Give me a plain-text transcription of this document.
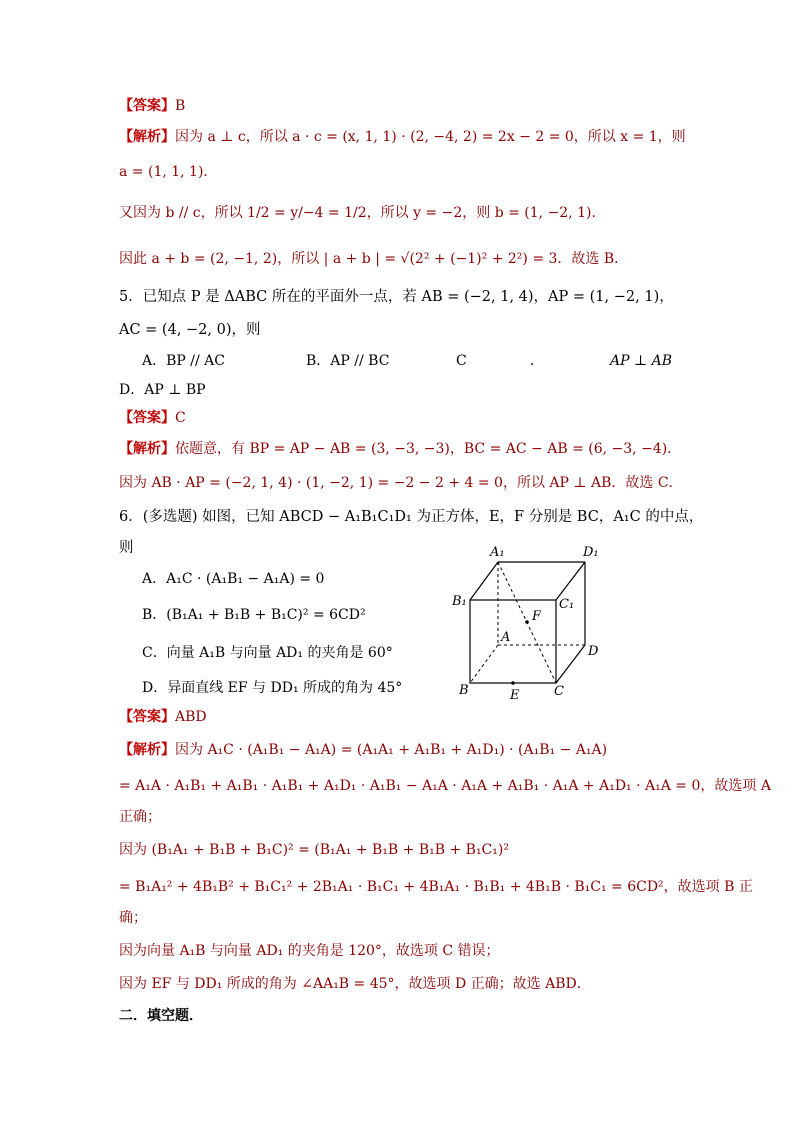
【答案】B
【解析】因为 a ⊥ c，所以 a · c = (x, 1, 1) · (2, −4, 2) = 2x − 2 = 0，所以 x = 1，则
a = (1, 1, 1)．
又因为 b // c，所以 1/2 = y/−4 = 1/2，所以 y = −2，则 b = (1, −2, 1)．
因此 a + b = (2, −1, 2)，所以 | a + b | = √(2² + (−1)² + 2²) = 3．故选 B．
5．已知点 P 是 ΔABC 所在的平面外一点，若 AB = (−2, 1, 4)，AP = (1, −2, 1)，
AC = (4, −2, 0)，则
A．BP // AC	B．AP // BC	C	．	AP ⊥ AB
D．AP ⊥ BP
【答案】C
【解析】依题意，有 BP = AP − AB = (3, −3, −3)，BC = AC − AB = (6, −3, −4)．
因为 AB · AP = (−2, 1, 4) · (1, −2, 1) = −2 − 2 + 4 = 0，所以 AP ⊥ AB．故选 C．
6．(多选题) 如图，已知 ABCD − A₁B₁C₁D₁ 为正方体，E，F 分别是 BC，A₁C 的中点，
则
A．A₁C · (A₁B₁ − A₁A) = 0
B．(B₁A₁ + B₁B + B₁C)² = 6CD²
C．向量 A₁B 与向量 AD₁ 的夹角是 60°
D．异面直线 EF 与 DD₁ 所成的角为 45°
A₁	D₁
B₁	C₁
F
A
D
B	E	C
【答案】ABD
【解析】因为 A₁C · (A₁B₁ − A₁A) = (A₁A₁ + A₁B₁ + A₁D₁) · (A₁B₁ − A₁A)
= A₁A · A₁B₁ + A₁B₁ · A₁B₁ + A₁D₁ · A₁B₁ − A₁A · A₁A + A₁B₁ · A₁A + A₁D₁ · A₁A = 0，故选项 A
正确；
因为 (B₁A₁ + B₁B + B₁C)² = (B₁A₁ + B₁B + B₁B + B₁C₁)²
= B₁A₁² + 4B₁B² + B₁C₁² + 2B₁A₁ · B₁C₁ + 4B₁A₁ · B₁B₁ + 4B₁B · B₁C₁ = 6CD²，故选项 B 正
确；
因为向量 A₁B 与向量 AD₁ 的夹角是 120°，故选项 C 错误；
因为 EF 与 DD₁ 所成的角为 ∠AA₁B = 45°，故选项 D 正确；故选 ABD．
二．填空题．
